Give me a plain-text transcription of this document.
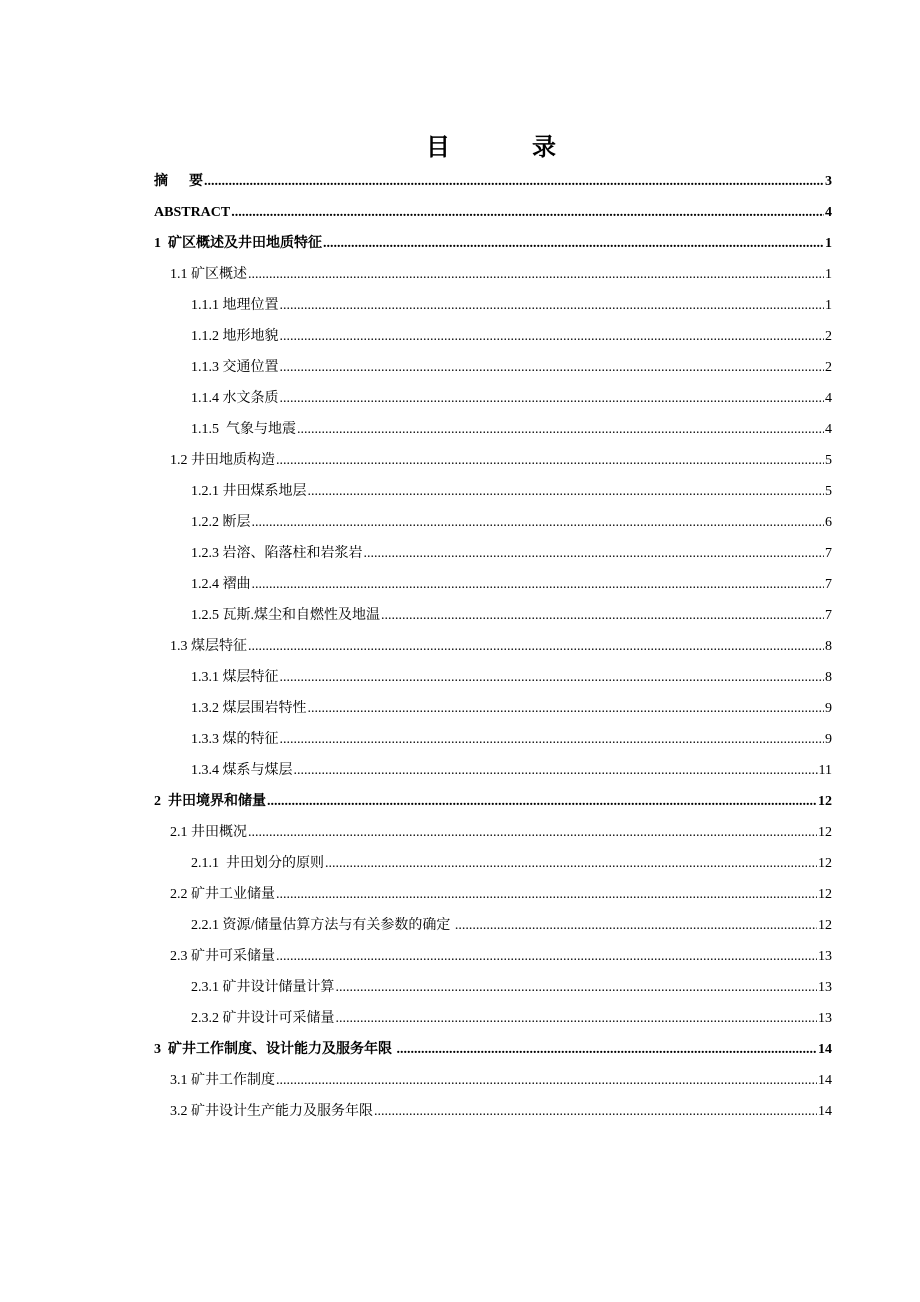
目 录
摘      要 .....	3
ABSTRACT .....	4
1  矿区概述及井田地质特征 .....	1
1.1 矿区概述 .....	1
1.1.1 地理位置 .....	1
1.1.2 地形地貌 .....	2
1.1.3 交通位置 .....	2
1.1.4 水文条质 .....	4
1.1.5  气象与地震 .....	4
1.2 井田地质构造 .....	5
1.2.1 井田煤系地层 .....	5
1.2.2 断层 .....	6
1.2.3 岩溶、陷落柱和岩浆岩 .....	7
1.2.4 褶曲 .....	7
1.2.5 瓦斯.煤尘和自燃性及地温 .....	7
1.3 煤层特征 .....	8
1.3.1 煤层特征 .....	8
1.3.2 煤层围岩特性 .....	9
1.3.3 煤的特征 .....	9
1.3.4 煤系与煤层 .....	11
2  井田境界和储量 .....	12
2.1 井田概况 .....	12
2.1.1  井田划分的原则 .....	12
2.2 矿井工业储量 .....	12
2.2.1 资源/储量估算方法与有关参数的确定 .....	12
2.3 矿井可采储量 .....	13
2.3.1 矿井设计储量计算 .....	13
2.3.2 矿井设计可采储量 .....	13
3  矿井工作制度、设计能力及服务年限 .....	14
3.1 矿井工作制度 .....	14
3.2 矿井设计生产能力及服务年限 .....	14
